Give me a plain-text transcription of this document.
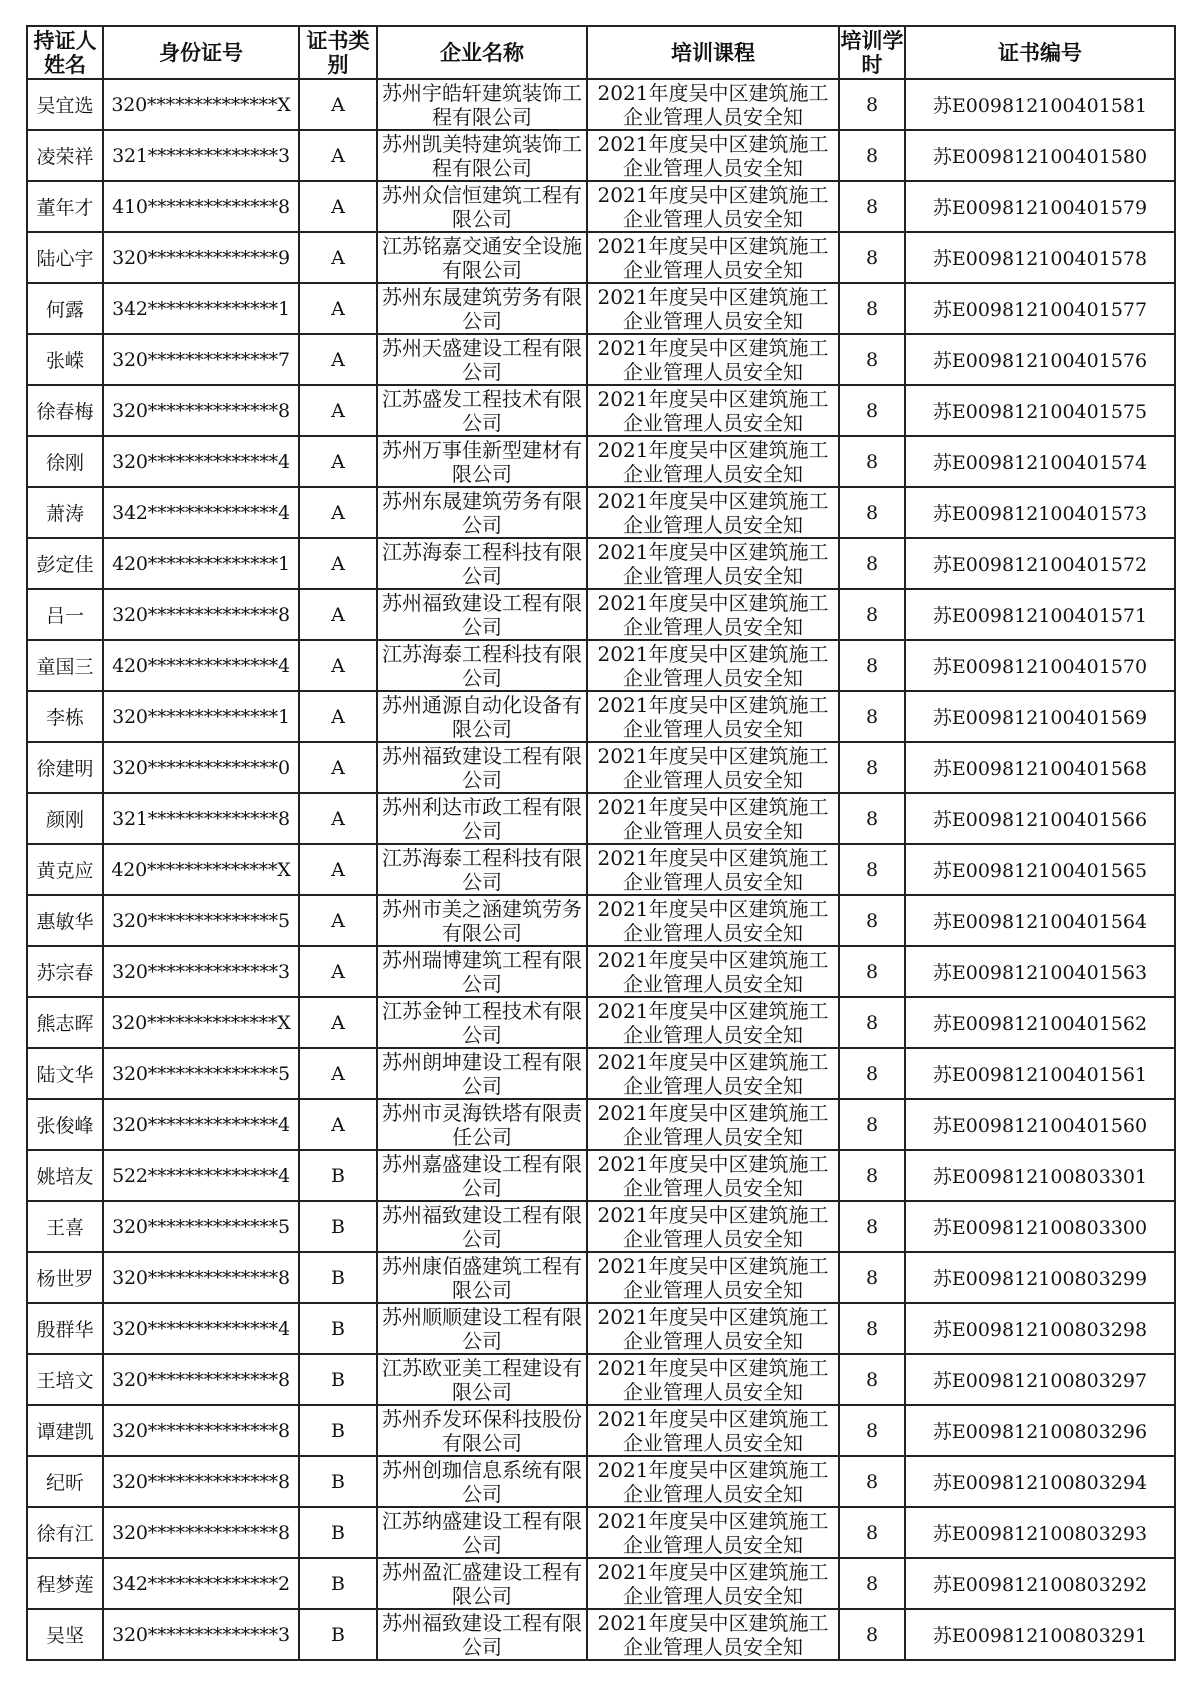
持证人姓名	身份证号	证书类别	企业名称	培训课程	培训学时	证书编号
吴宜选	320**************X	A	苏州宇皓轩建筑装饰工程有限公司	2021年度吴中区建筑施工企业管理人员安全知	8	苏E009812100401581
凌荣祥	321**************3	A	苏州凯美特建筑装饰工程有限公司	2021年度吴中区建筑施工企业管理人员安全知	8	苏E009812100401580
董年才	410**************8	A	苏州众信恒建筑工程有限公司	2021年度吴中区建筑施工企业管理人员安全知	8	苏E009812100401579
陆心宇	320**************9	A	江苏铭嘉交通安全设施有限公司	2021年度吴中区建筑施工企业管理人员安全知	8	苏E009812100401578
何露	342**************1	A	苏州东晟建筑劳务有限公司	2021年度吴中区建筑施工企业管理人员安全知	8	苏E009812100401577
张嵘	320**************7	A	苏州天盛建设工程有限公司	2021年度吴中区建筑施工企业管理人员安全知	8	苏E009812100401576
徐春梅	320**************8	A	江苏盛发工程技术有限公司	2021年度吴中区建筑施工企业管理人员安全知	8	苏E009812100401575
徐刚	320**************4	A	苏州万事佳新型建材有限公司	2021年度吴中区建筑施工企业管理人员安全知	8	苏E009812100401574
萧涛	342**************4	A	苏州东晟建筑劳务有限公司	2021年度吴中区建筑施工企业管理人员安全知	8	苏E009812100401573
彭定佳	420**************1	A	江苏海泰工程科技有限公司	2021年度吴中区建筑施工企业管理人员安全知	8	苏E009812100401572
吕一	320**************8	A	苏州福致建设工程有限公司	2021年度吴中区建筑施工企业管理人员安全知	8	苏E009812100401571
童国三	420**************4	A	江苏海泰工程科技有限公司	2021年度吴中区建筑施工企业管理人员安全知	8	苏E009812100401570
李栋	320**************1	A	苏州通源自动化设备有限公司	2021年度吴中区建筑施工企业管理人员安全知	8	苏E009812100401569
徐建明	320**************0	A	苏州福致建设工程有限公司	2021年度吴中区建筑施工企业管理人员安全知	8	苏E009812100401568
颜刚	321**************8	A	苏州利达市政工程有限公司	2021年度吴中区建筑施工企业管理人员安全知	8	苏E009812100401566
黄克应	420**************X	A	江苏海泰工程科技有限公司	2021年度吴中区建筑施工企业管理人员安全知	8	苏E009812100401565
惠敏华	320**************5	A	苏州市美之涵建筑劳务有限公司	2021年度吴中区建筑施工企业管理人员安全知	8	苏E009812100401564
苏宗春	320**************3	A	苏州瑞博建筑工程有限公司	2021年度吴中区建筑施工企业管理人员安全知	8	苏E009812100401563
熊志晖	320**************X	A	江苏金钟工程技术有限公司	2021年度吴中区建筑施工企业管理人员安全知	8	苏E009812100401562
陆文华	320**************5	A	苏州朗坤建设工程有限公司	2021年度吴中区建筑施工企业管理人员安全知	8	苏E009812100401561
张俊峰	320**************4	A	苏州市灵海铁塔有限责任公司	2021年度吴中区建筑施工企业管理人员安全知	8	苏E009812100401560
姚培友	522**************4	B	苏州嘉盛建设工程有限公司	2021年度吴中区建筑施工企业管理人员安全知	8	苏E009812100803301
王喜	320**************5	B	苏州福致建设工程有限公司	2021年度吴中区建筑施工企业管理人员安全知	8	苏E009812100803300
杨世罗	320**************8	B	苏州康佰盛建筑工程有限公司	2021年度吴中区建筑施工企业管理人员安全知	8	苏E009812100803299
殷群华	320**************4	B	苏州顺顺建设工程有限公司	2021年度吴中区建筑施工企业管理人员安全知	8	苏E009812100803298
王培文	320**************8	B	江苏欧亚美工程建设有限公司	2021年度吴中区建筑施工企业管理人员安全知	8	苏E009812100803297
谭建凯	320**************8	B	苏州乔发环保科技股份有限公司	2021年度吴中区建筑施工企业管理人员安全知	8	苏E009812100803296
纪昕	320**************8	B	苏州创珈信息系统有限公司	2021年度吴中区建筑施工企业管理人员安全知	8	苏E009812100803294
徐有江	320**************8	B	江苏纳盛建设工程有限公司	2021年度吴中区建筑施工企业管理人员安全知	8	苏E009812100803293
程梦莲	342**************2	B	苏州盈汇盛建设工程有限公司	2021年度吴中区建筑施工企业管理人员安全知	8	苏E009812100803292
吴坚	320**************3	B	苏州福致建设工程有限公司	2021年度吴中区建筑施工企业管理人员安全知	8	苏E009812100803291
